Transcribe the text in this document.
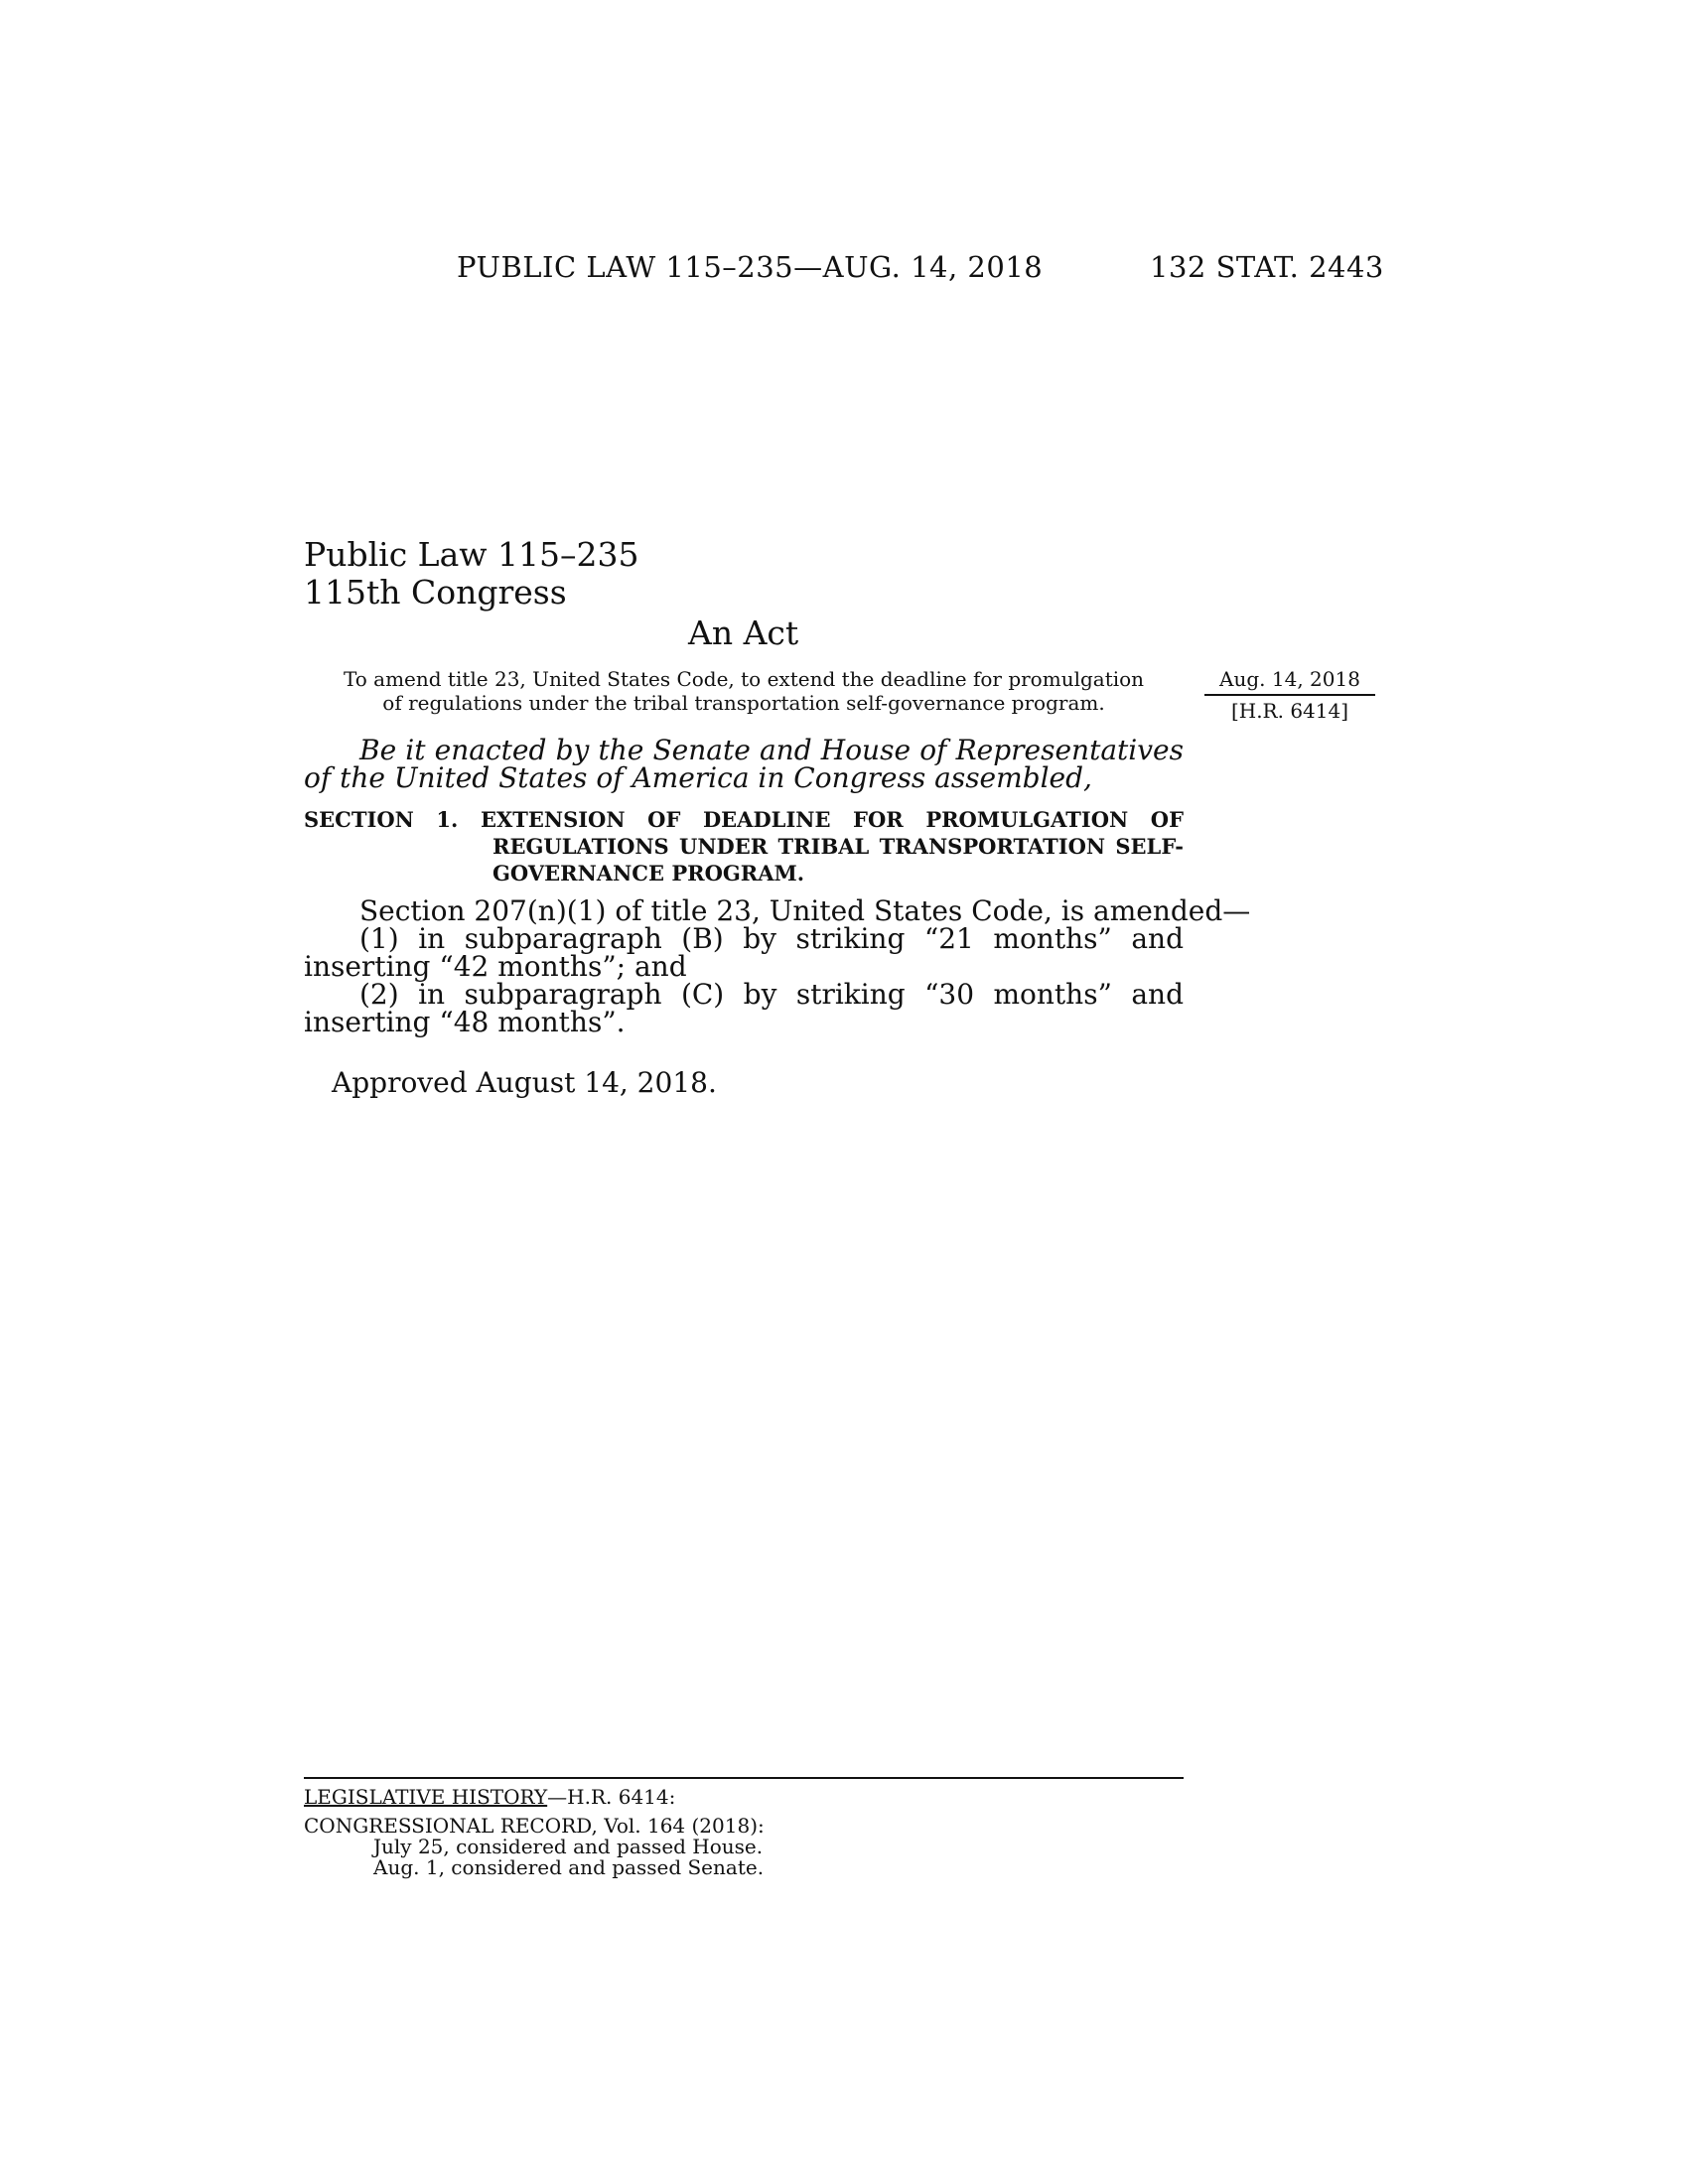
PUBLIC LAW 115–235—AUG. 14, 2018	132 STAT. 2443
Public Law 115–235
115th Congress
An Act
To amend title 23, United States Code, to extend the deadline for promulgation
of regulations under the tribal transportation self-governance program.
Aug. 14, 2018
[H.R. 6414]

Be it enacted by the Senate and House of Representatives of the United States of America in Congress assembled,

SECTION 1. EXTENSION OF DEADLINE FOR PROMULGATION OF REGULATIONS UNDER TRIBAL TRANSPORTATION SELF-GOVERNANCE PROGRAM.

Section 207(n)(1) of title 23, United States Code, is amended—

(1) in subparagraph (B) by striking “21 months” and inserting “42 months”; and

(2) in subparagraph (C) by striking “30 months” and inserting “48 months”.

Approved August 14, 2018.
LEGISLATIVE HISTORY—H.R. 6414:
CONGRESSIONAL RECORD, Vol. 164 (2018):
July 25, considered and passed House.
Aug. 1, considered and passed Senate.
